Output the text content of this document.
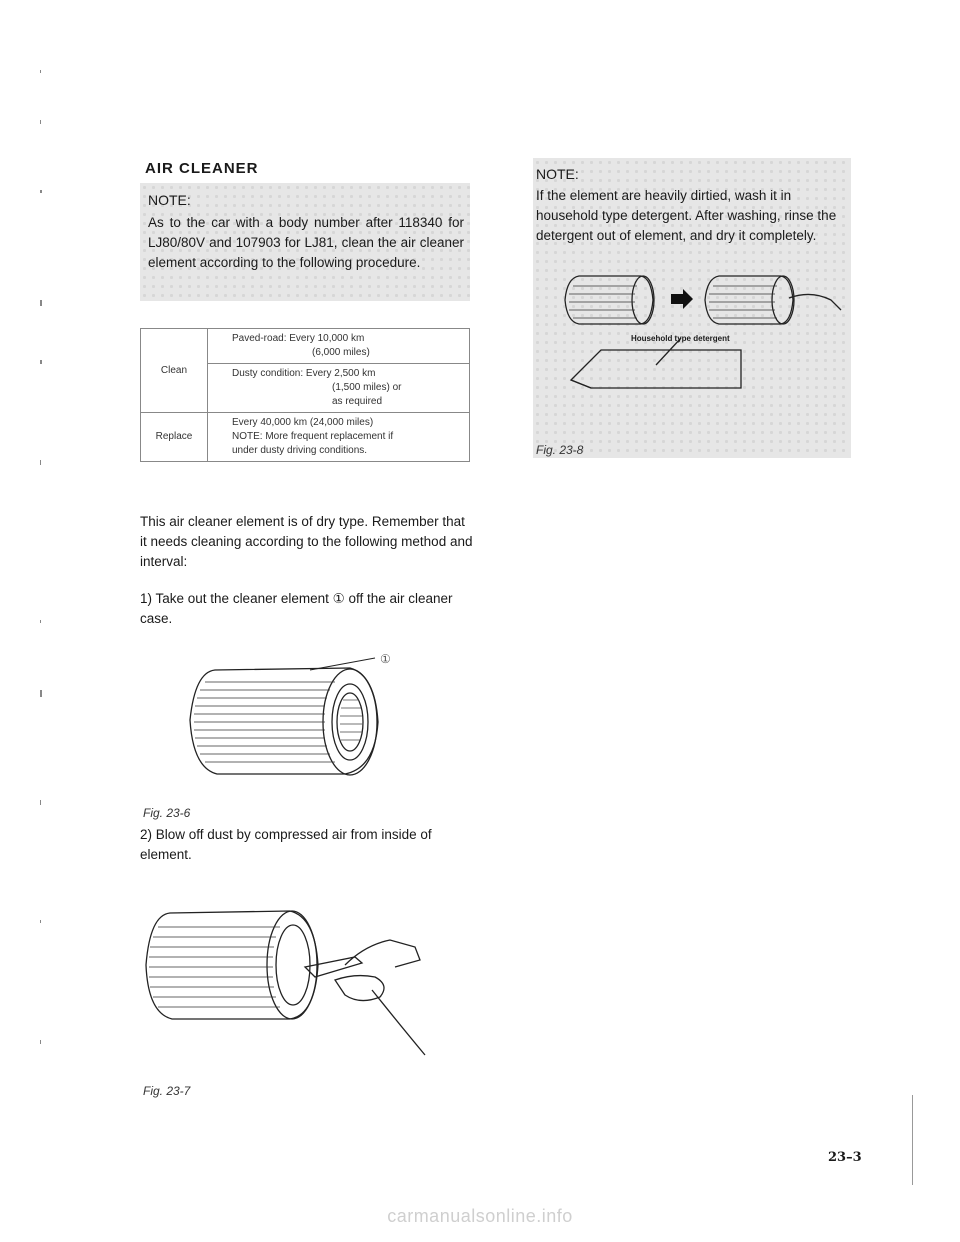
AIR CLEANER
NOTE:
As to the car with a body number after 118340 for LJ80/80V and 107903 for LJ81, clean the air cleaner element according to the following procedure.
Clean	Paved-road: Every 10,000 km
(6,000 miles)

	Dusty condition: Every 2,500 km
(1,500 miles) or
as required

Replace	Every 40,000 km (24,000 miles)
NOTE: More frequent replacement if
under dusty driving conditions.
This air cleaner element is of dry type. Remember that it needs cleaning according to the following method and interval:
1) Take out the cleaner element ① off the air cleaner case.
①
Fig. 23-6
2) Blow off dust by compressed air from inside of element.
Fig. 23-7
NOTE:
If the element are heavily dirtied, wash it in household type detergent. After washing, rinse the detergent out of element, and dry it completely.
Household type detergent
Fig. 23-8
23–3
carmanualsonline.info
